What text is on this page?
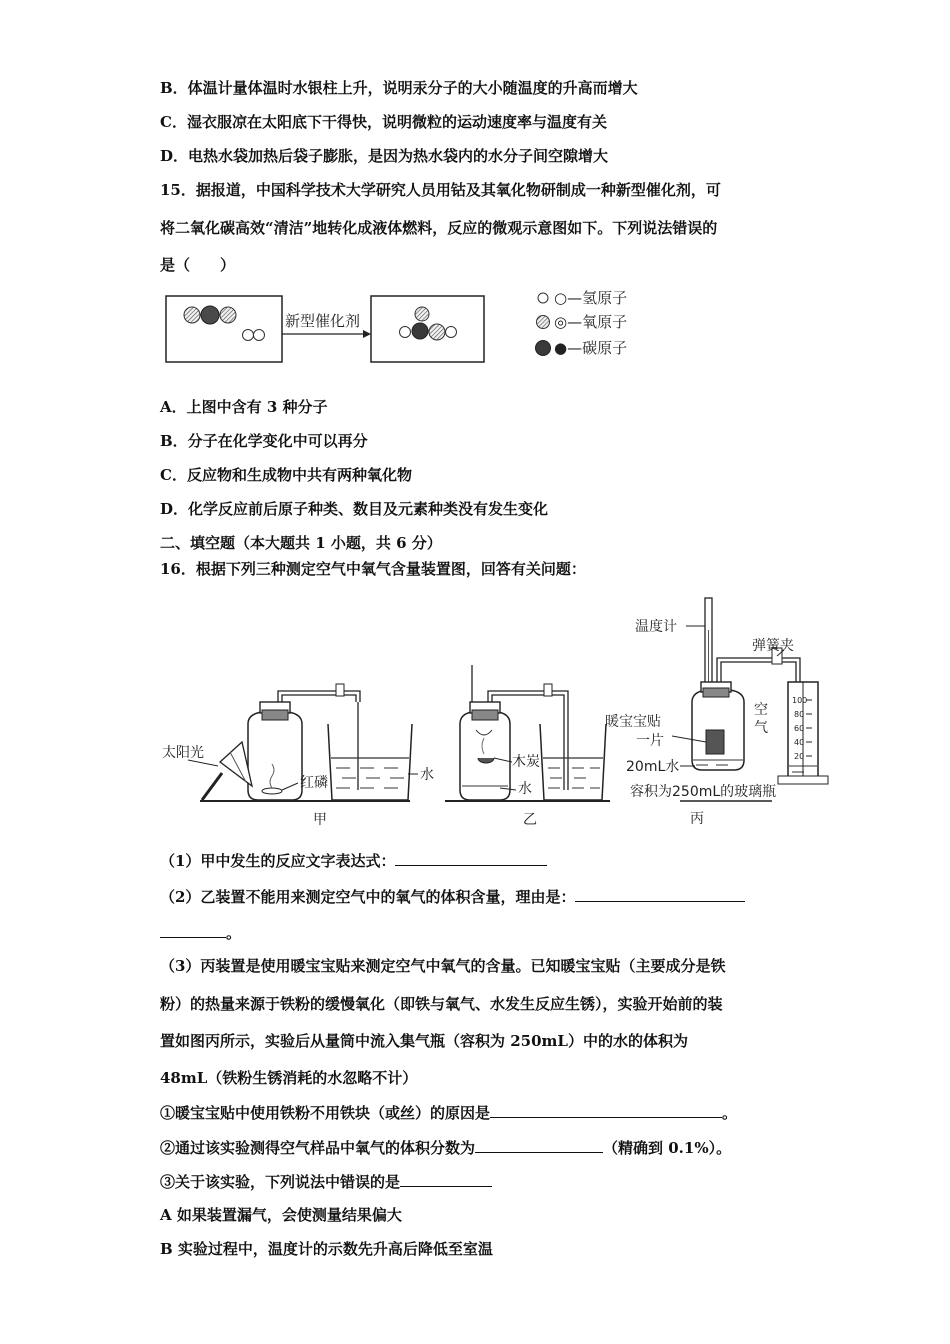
B．体温计量体温时水银柱上升，说明汞分子的大小随温度的升高而增大
C．湿衣服凉在太阳底下干得快，说明微粒的运动速度率与温度有关
D．电热水袋加热后袋子膨胀，是因为热水袋内的水分子间空隙增大
15．据报道，中国科学技术大学研究人员用钴及其氧化物研制成一种新型催化剂，可
将二氧化碳高效“清洁”地转化成液体燃料，反应的微观示意图如下。下列说法错误的
是（　　）
新型催化剂
○—氢原子
◎—氧原子
●—碳原子
A．上图中含有 3 种分子
B．分子在化学变化中可以再分
C．反应物和生成物中共有两种氧化物
D．化学反应前后原子种类、数目及元素种类没有发生变化
二、填空题（本大题共 1 小题，共 6 分）
16．根据下列三种测定空气中氧气含量装置图，回答有关问题：
水
红磷
太阳光
甲
木炭
水
乙
温度计
暖宝宝贴
一片
20mL水
容积为250mL的玻璃瓶
空
气
弹簧夹
100
80
60
40
20
丙
（1）甲中发生的反应文字表达式：
（2）乙装置不能用来测定空气中的氧气的体积含量，理由是：
。
（3）丙装置是使用暖宝宝贴来测定空气中氧气的含量。已知暖宝宝贴（主要成分是铁
粉）的热量来源于铁粉的缓慢氧化（即铁与氧气、水发生反应生锈），实验开始前的装
置如图丙所示，实验后从量筒中流入集气瓶（容积为 250mL）中的水的体积为
48mL（铁粉生锈消耗的水忽略不计）
①暖宝宝贴中使用铁粉不用铁块（或丝）的原因是	。
②通过该实验测得空气样品中氧气的体积分数为	（精确到 0.1%）。
③关于该实验，下列说法中错误的是
A 如果装置漏气，会使测量结果偏大
B 实验过程中，温度计的示数先升高后降低至室温
